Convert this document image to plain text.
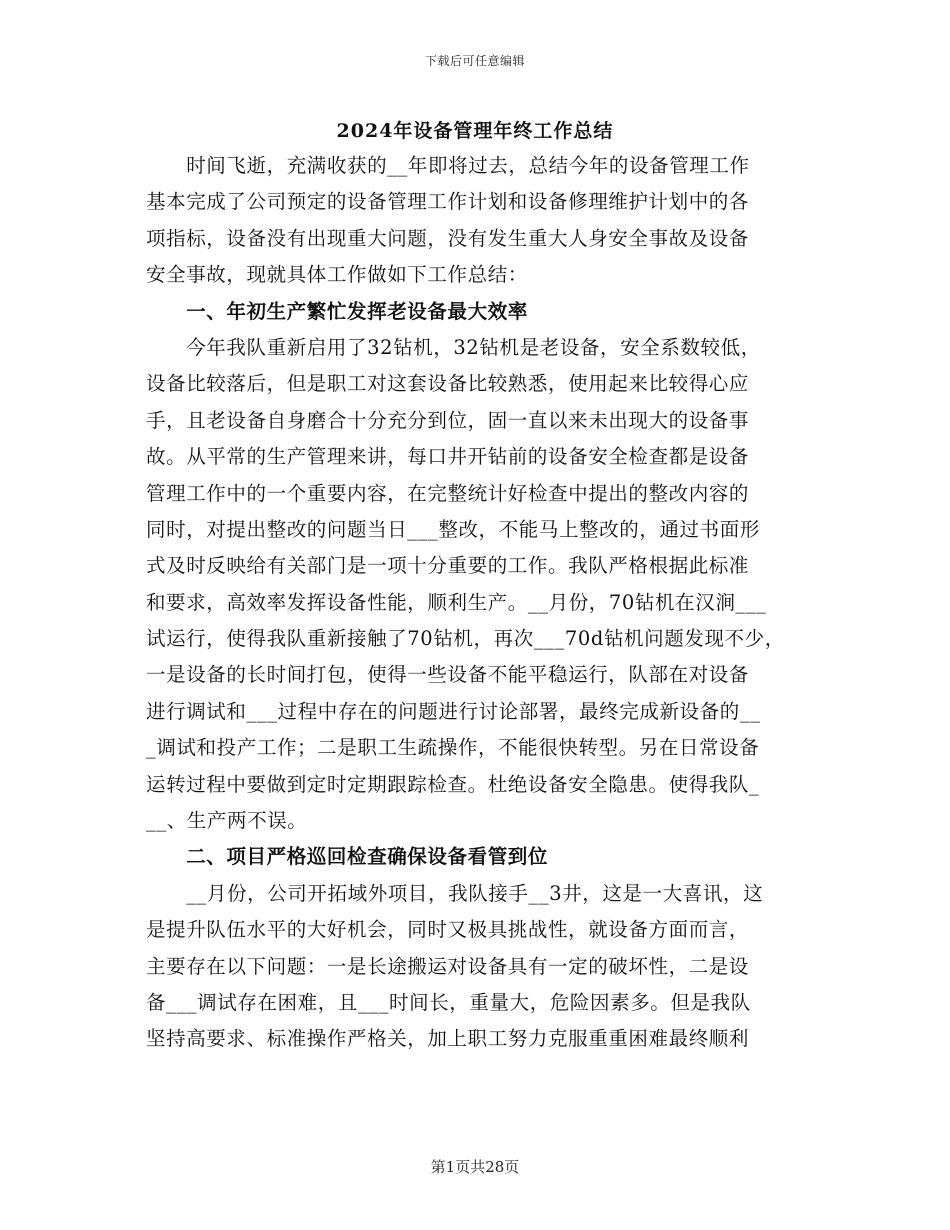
下载后可任意编辑
2024年设备管理年终工作总结
　　时间飞逝，充满收获的__年即将过去，总结今年的设备管理工作
基本完成了公司预定的设备管理工作计划和设备修理维护计划中的各
项指标，设备没有出现重大问题，没有发生重大人身安全事故及设备
安全事故，现就具体工作做如下工作总结：
　　一、年初生产繁忙发挥老设备最大效率
　　今年我队重新启用了32钻机，32钻机是老设备，安全系数较低，
设备比较落后，但是职工对这套设备比较熟悉，使用起来比较得心应
手，且老设备自身磨合十分充分到位，固一直以来未出现大的设备事
故。从平常的生产管理来讲，每口井开钻前的设备安全检查都是设备
管理工作中的一个重要内容，在完整统计好检查中提出的整改内容的
同时，对提出整改的问题当日___整改，不能马上整改的，通过书面形
式及时反映给有关部门是一项十分重要的工作。我队严格根据此标准
和要求，高效率发挥设备性能，顺利生产。__月份，70钻机在汉涧___
试运行，使得我队重新接触了70钻机，再次___70d钻机问题发现不少，
一是设备的长时间打包，使得一些设备不能平稳运行，队部在对设备
进行调试和___过程中存在的问题进行讨论部署，最终完成新设备的__
_调试和投产工作；二是职工生疏操作，不能很快转型。另在日常设备
运转过程中要做到定时定期跟踪检查。杜绝设备安全隐患。使得我队_
__、生产两不误。
　　二、项目严格巡回检查确保设备看管到位
　　__月份，公司开拓域外项目，我队接手__3井，这是一大喜讯，这
是提升队伍水平的大好机会，同时又极具挑战性，就设备方面而言，
主要存在以下问题：一是长途搬运对设备具有一定的破坏性，二是设
备___调试存在困难，且___时间长，重量大，危险因素多。但是我队
坚持高要求、标准操作严格关，加上职工努力克服重重困难最终顺利
第1页共28页
